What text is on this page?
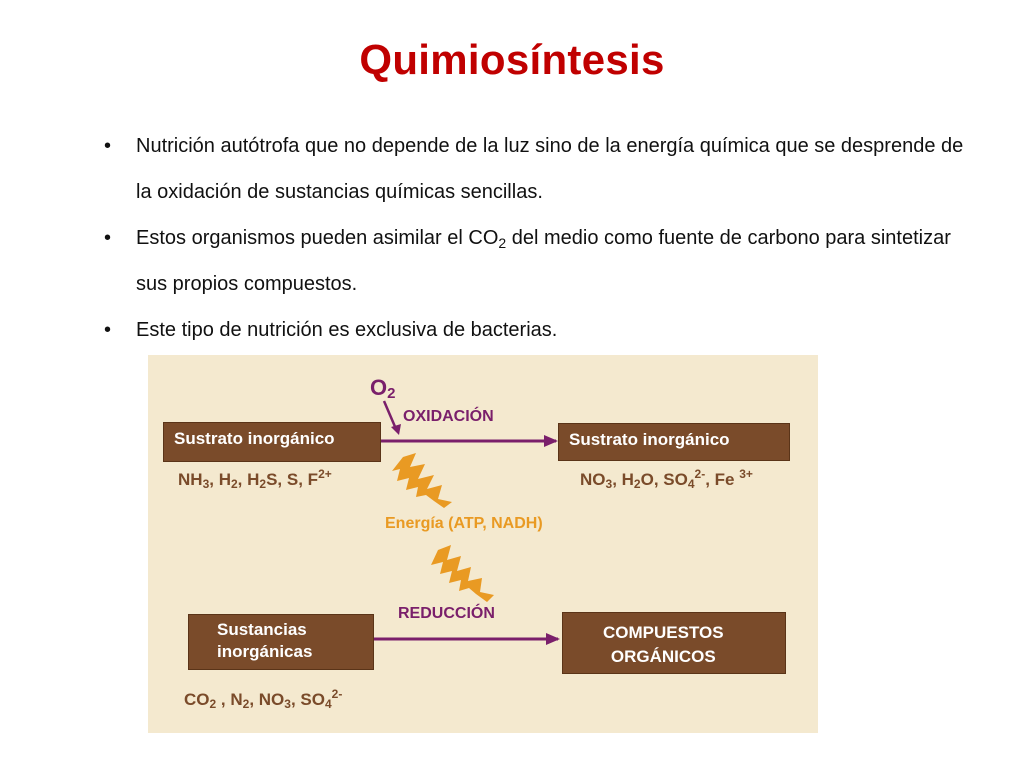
Quimiosíntesis
• Nutrición autótrofa que no depende de la luz sino de la energía química que se desprende de la oxidación de sustancias químicas sencillas.
• Estos organismos pueden asimilar el $CO_2$ del medio como fuente de carbono para sintetizar sus propios compuestos.
• Este tipo de nutrición es exclusiva de bacterias.
$O_2$
OXIDACIÓN
Sustrato inorgánico	Sustrato inorgánico
$NH_3$, $H_2$, $H_2S$, S, $F^{2+}$	$NO_3$, $H_2O$, $SO_4^{2-}$, Fe $^{3+}$
Energía (ATP, NADH)
REDUCCIÓN
Sustancias
inorgánicas
COMPUESTOS
ORGÁNICOS
$CO_2$ , $N_2$, $NO_3$, $SO_4^{2-}$
